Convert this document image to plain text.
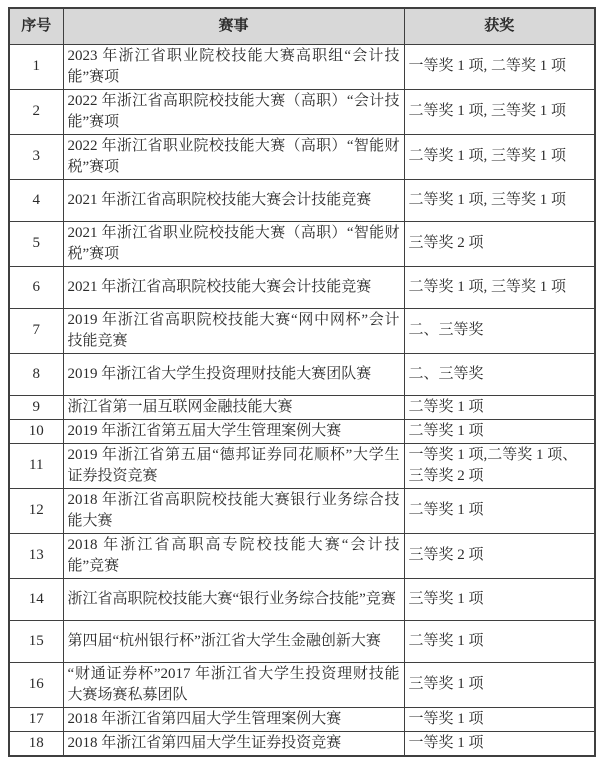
序号	赛事	获奖
1	2023 年浙江省职业院校技能大赛高职组“会计技能”赛项	一等奖 1 项, 二等奖 1 项
2	2022 年浙江省高职院校技能大赛（高职）“会计技能”赛项	二等奖 1 项, 三等奖 1 项
3	2022 年浙江省职业院校技能大赛（高职）“智能财税”赛项	二等奖 1 项, 三等奖 1 项
4	2021 年浙江省高职院校技能大赛会计技能竞赛	二等奖 1 项, 三等奖 1 项
5	2021 年浙江省职业院校技能大赛（高职）“智能财税”赛项	三等奖 2 项
6	2021 年浙江省高职院校技能大赛会计技能竞赛	二等奖 1 项, 三等奖 1 项
7	2019 年浙江省高职院校技能大赛“网中网杯”会计技能竞赛	二、三等奖
8	2019 年浙江省大学生投资理财技能大赛团队赛	二、三等奖
9	浙江省第一届互联网金融技能大赛	二等奖 1 项
10	2019 年浙江省第五届大学生管理案例大赛	二等奖 1 项
11	2019 年浙江省第五届“德邦证券同花顺杯”大学生证券投资竞赛	一等奖 1 项,二等奖 1 项、三等奖 2 项
12	2018 年浙江省高职院校技能大赛银行业务综合技能大赛	二等奖 1 项
13	2018 年浙江省高职高专院校技能大赛“会计技能”竞赛	三等奖 2 项
14	浙江省高职院校技能大赛“银行业务综合技能”竞赛	三等奖 1 项
15	第四届“杭州银行杯”浙江省大学生金融创新大赛	二等奖 1 项
16	“财通证券杯”2017 年浙江省大学生投资理财技能大赛场赛私募团队	三等奖 1 项
17	2018 年浙江省第四届大学生管理案例大赛	一等奖 1 项
18	2018 年浙江省第四届大学生证券投资竞赛	一等奖 1 项
